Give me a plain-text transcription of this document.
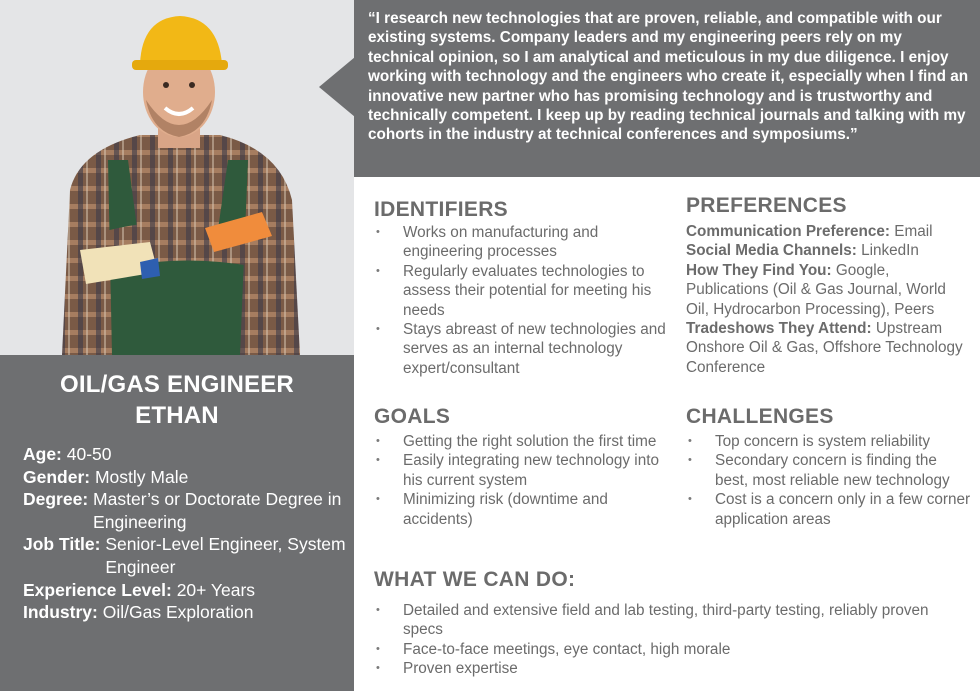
“I research new technologies that are proven, reliable, and compatible with our existing systems. Company leaders and my engineering peers rely on my technical opinion, so I am analytical and meticulous in my due diligence. I enjoy working with technology and the engineers who create it, especially when I find an innovative new partner who has promising technology and is trustworthy and technically competent. I keep up by reading technical journals and talking with my cohorts in the industry at technical conferences and symposiums.”

OIL/GAS ENGINEER
ETHAN
Age:
40-50
Gender:
Mostly Male
Degree:
Master’s or Doctorate Degree in Engineering
Job Title:
Senior-Level Engineer, System Engineer
Experience Level:
20+ Years
Industry:
Oil/Gas Exploration
IDENTIFIERS
• Works on manufacturing and engineering processes
• Regularly evaluates technologies to assess their potential for meeting his needs
• Stays abreast of new technologies and serves as an internal technology expert/consultant
PREFERENCES
Communication Preference: Email
Social Media Channels: LinkedIn
How They Find You: Google, Publications (Oil & Gas Journal, World Oil, Hydrocarbon Processing), Peers
Tradeshows They Attend: Upstream Onshore Oil & Gas, Offshore Technology Conference
GOALS
• Getting the right solution the first time
• Easily integrating new technology into his current system
• Minimizing risk (downtime and accidents)
CHALLENGES
• Top concern is system reliability
• Secondary concern is finding the best, most reliable new technology
• Cost is a concern only in a few corner application areas
WHAT WE CAN DO:
• Detailed and extensive field and lab testing, third-party testing, reliably proven specs
• Face-to-face meetings, eye contact, high morale
• Proven expertise
